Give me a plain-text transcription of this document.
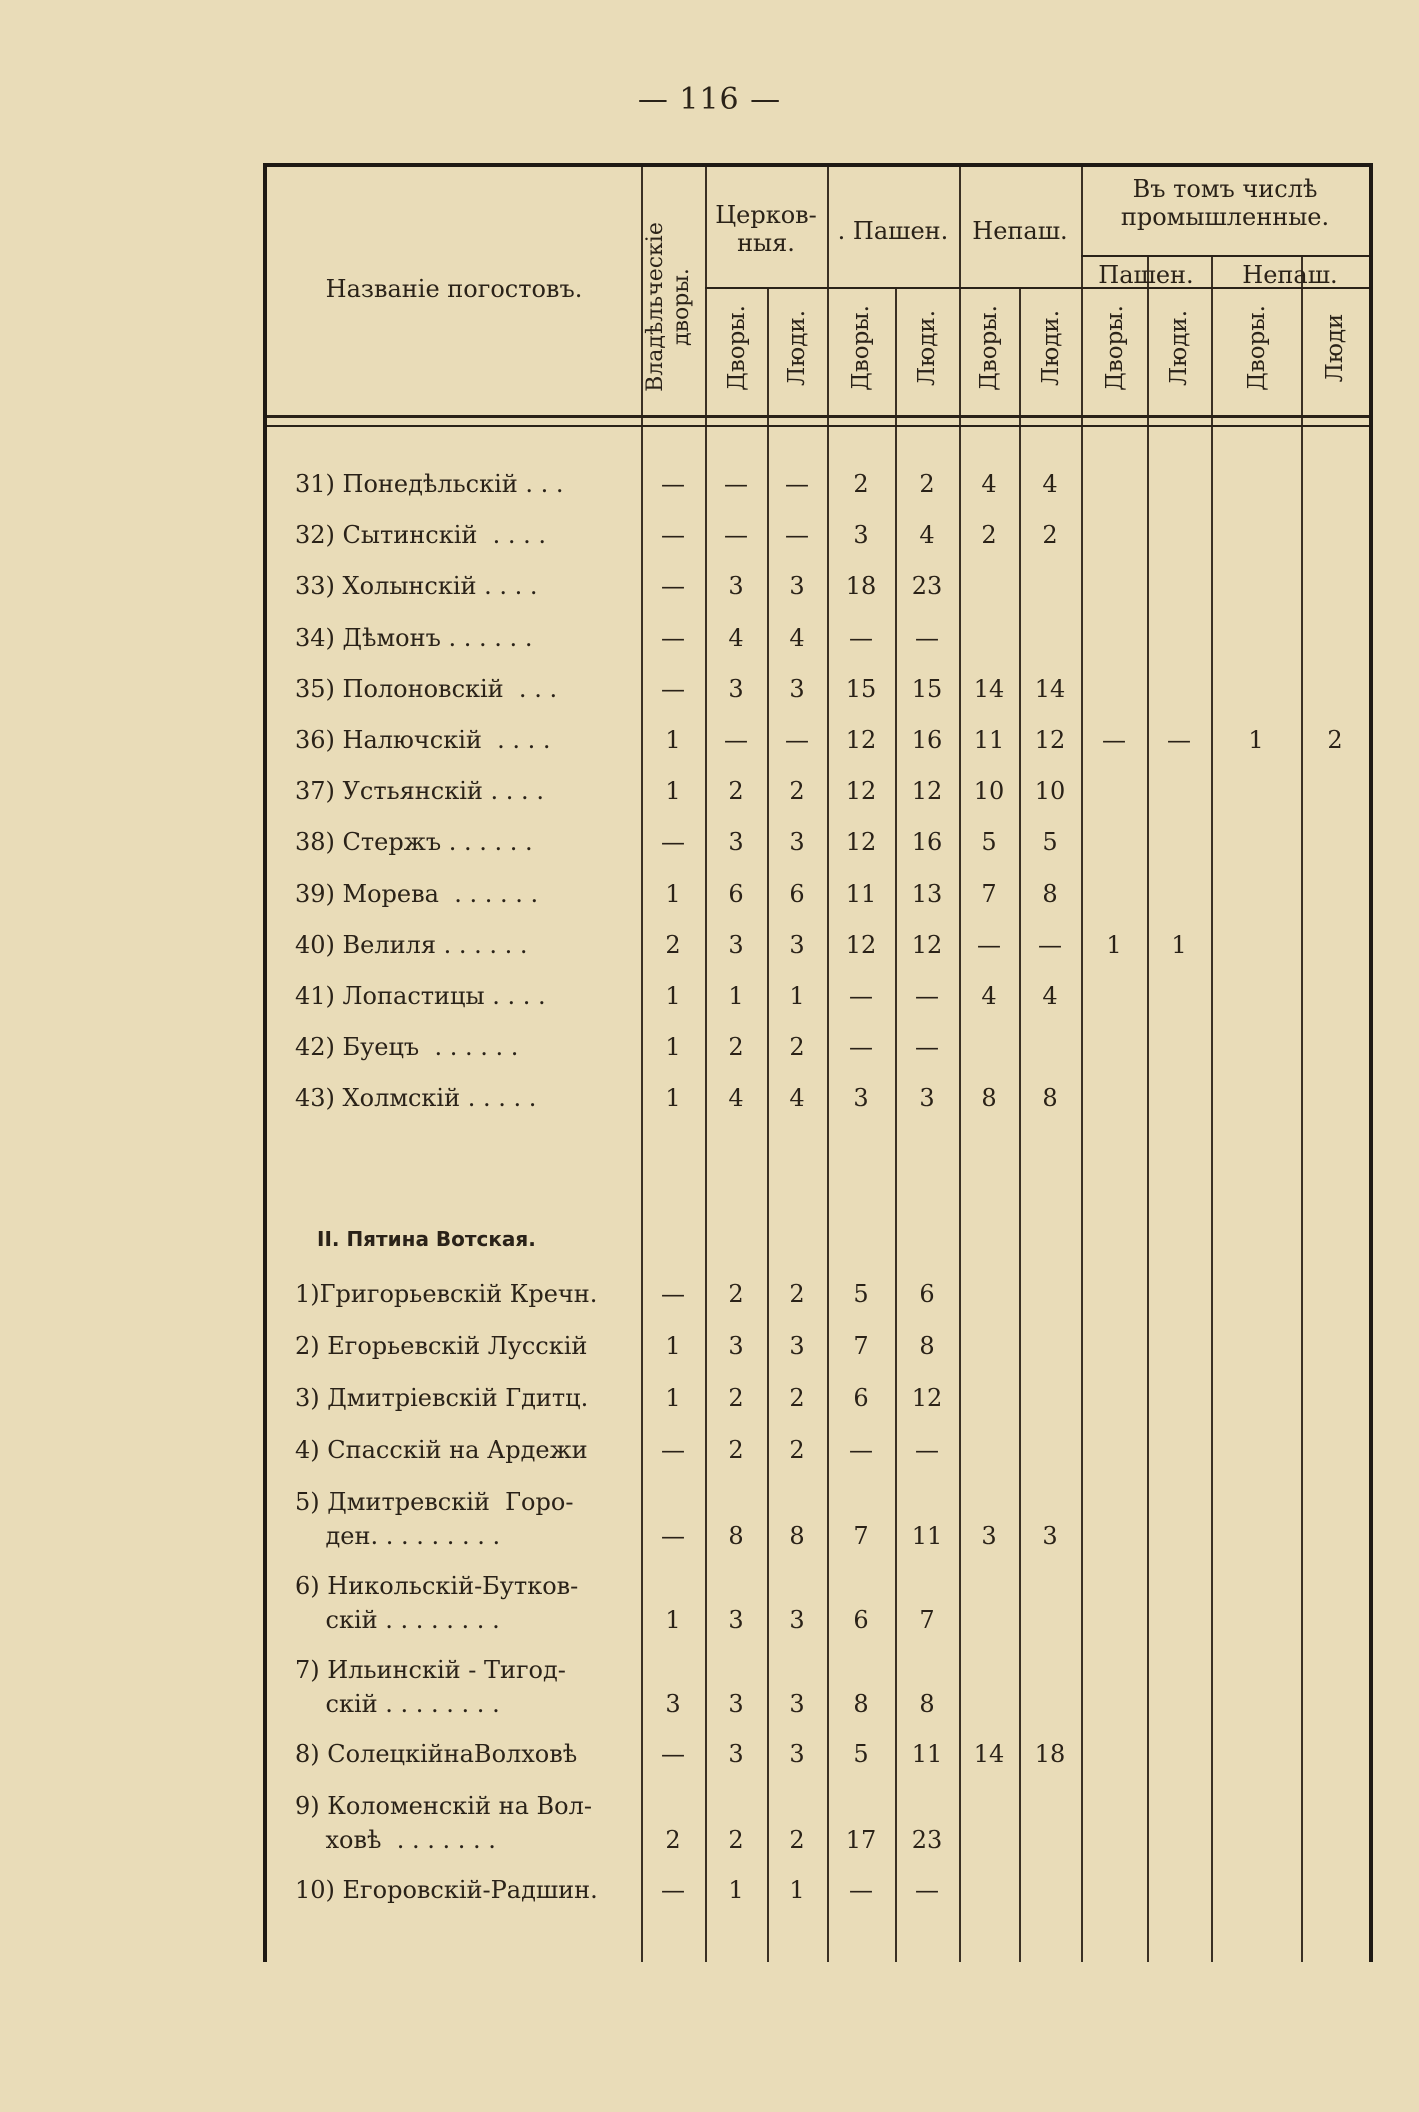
— 116 —
Названіе погостовъ.	Владѣльческіе дворы.
Церков-
ныя.	. Пашен. Непаш.
Въ томъ числѣ
промышленные.
Пашен.	Непаш.
Дворы. Люди. Дворы. Люди. Дворы. Люди. Дворы. Люди. Дворы. Люди
31) Понедѣльскій . . .	—	—	—	2	2	4	4
32) Сытинскій  . . . .	—	—	—	3	4	2	2
33) Холынскій . . . .	—	3	3	18	23
34) Дѣмонъ . . . . . .	—	4	4	—	—
35) Полоновскій  . . .	—	3	3	15	15	14	14
36) Налючскій  . . . .	1	—	—	12	16	11	12	—	—	1	2
37) Устьянскій . . . .	1	2	2	12	12	10	10
38) Стержъ . . . . . .	—	3	3	12	16	5	5
39) Морева  . . . . . .	1	6	6	11	13	7	8
40) Велиля . . . . . .	2	3	3	12	12	—	—	1	1
41) Лопастицы . . . .	1	1	1	—	—	4	4
42) Буецъ  . . . . . .	1	2	2	—	—
43) Холмскій . . . . .	1	4	4	3	3	8	8
1)Григорьевскій Кречн.	—	2	2	5	6
2) Егорьевскій Лусскій	1	3	3	7	8
3) Дмитріевскій Гдитц.	1	2	2	6	12
4) Спасскій на Ардежи	—	2	2	—	—
5) Дмитревскій  Горо-
ден. . . . . . . . .	—	8	8	7	11	3	3
6) Никольскій-Бутков-
скій . . . . . . . .	1	3	3	6	7
7) Ильинскій - Тигод-
скій . . . . . . . .	3	3	3	8	8
8) СолецкійнаВолховѣ	—	3	3	5	11	14	18
9) Коломенскій на Вол-
ховѣ  . . . . . . .	2	2	2	17	23
10) Егоровскій-Радшин.	—	1	1	—	—
II. Пятина Вотская.
